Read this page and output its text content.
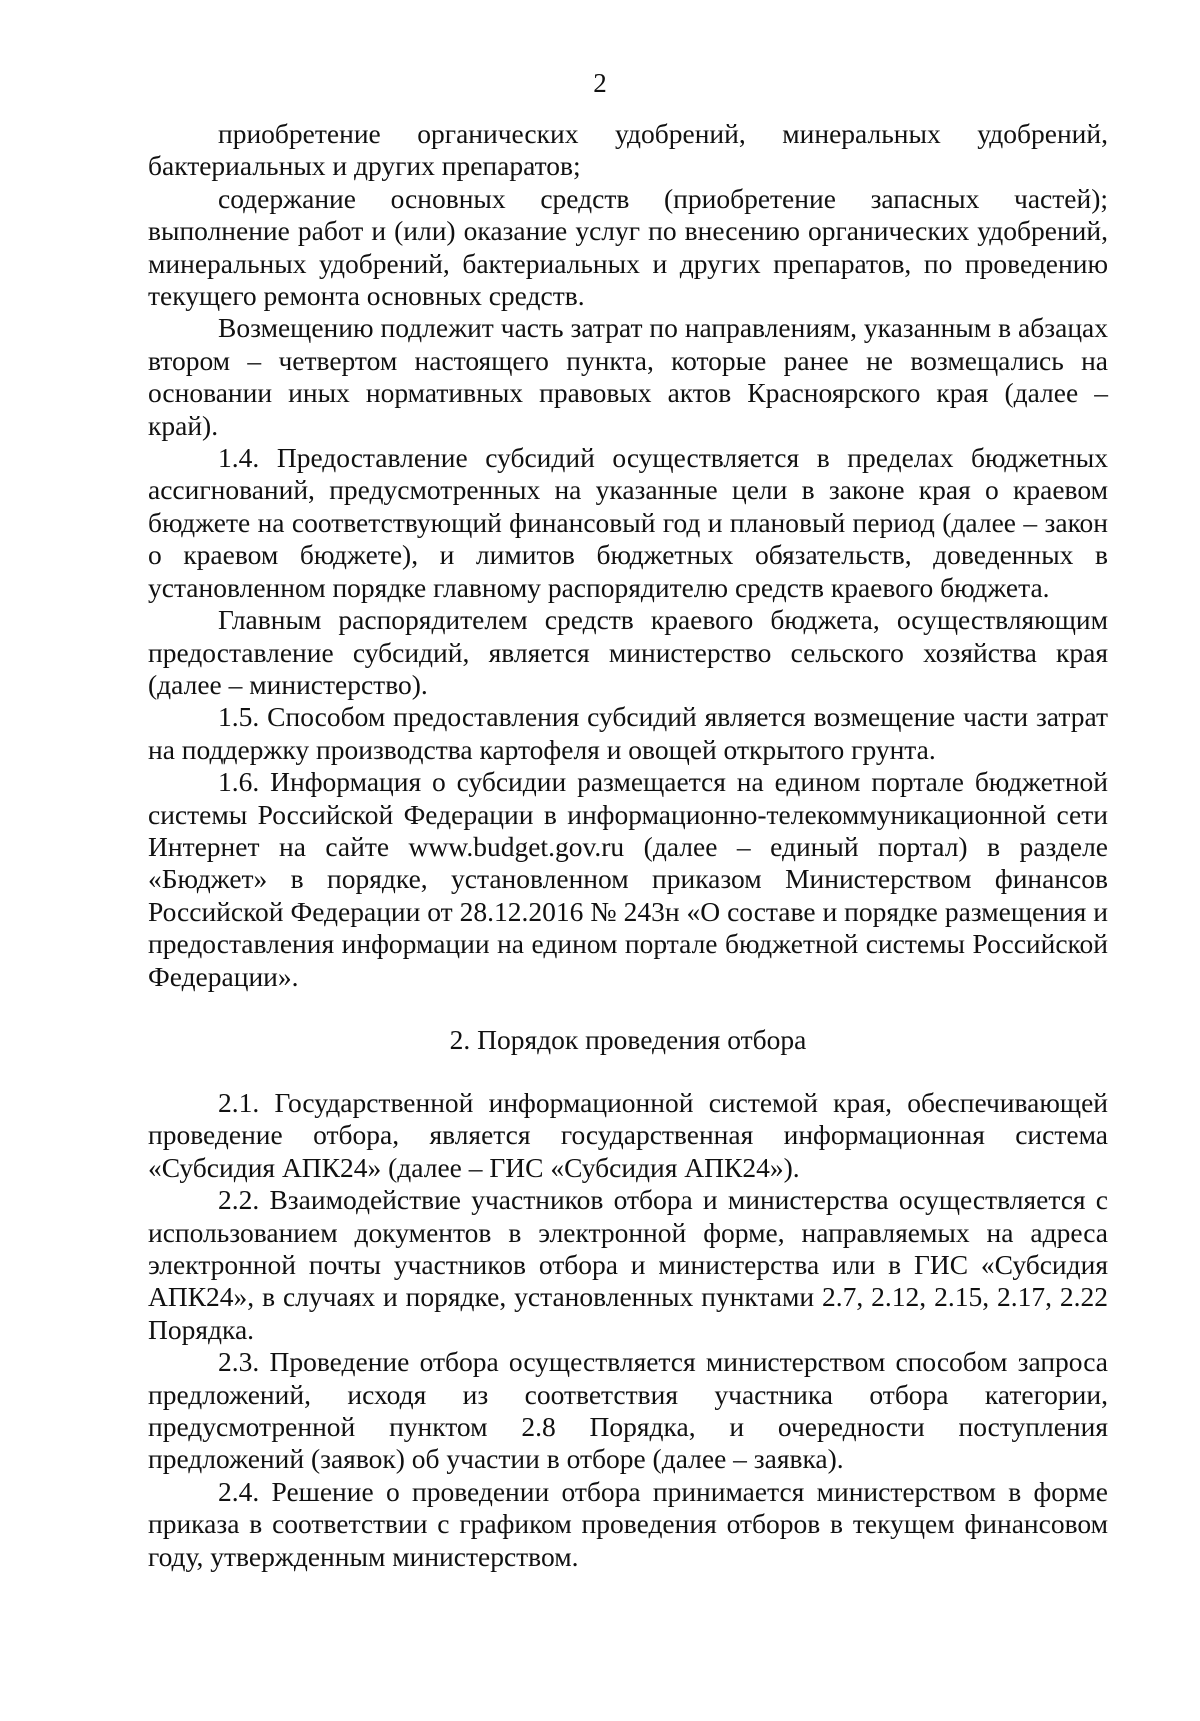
2

приобретение органических удобрений, минеральных удобрений, бактериальных и других препаратов;

содержание основных средств (приобретение запасных частей); выполнение работ и (или) оказание услуг по внесению органических удобрений, минеральных удобрений, бактериальных и других препаратов, по проведению текущего ремонта основных средств.

Возмещению подлежит часть затрат по направлениям, указанным в абзацах втором – четвертом настоящего пункта, которые ранее не возмещались на основании иных нормативных правовых актов Красноярского края (далее – край).

1.4. Предоставление субсидий осуществляется в пределах бюджетных ассигнований, предусмотренных на указанные цели в законе края о краевом бюджете на соответствующий финансовый год и плановый период (далее – закон о краевом бюджете), и лимитов бюджетных обязательств, доведенных в установленном порядке главному распорядителю средств краевого бюджета.

Главным распорядителем средств краевого бюджета, осуществляющим предоставление субсидий, является министерство сельского хозяйства края (далее – министерство).

1.5. Способом предоставления субсидий является возмещение части затрат на поддержку производства картофеля и овощей открытого грунта.

1.6. Информация о субсидии размещается на едином портале бюджетной системы Российской Федерации в информационно-телекоммуникационной сети Интернет на сайте www.budget.gov.ru (далее – единый портал) в разделе «Бюджет» в порядке, установленном приказом Министерством финансов Российской Федерации от 28.12.2016 № 243н «О составе и порядке размещения и предоставления информации на едином портале бюджетной системы Российской Федерации».

2. Порядок проведения отбора

2.1. Государственной информационной системой края, обеспечивающей проведение отбора, является государственная информационная система «Субсидия АПК24» (далее – ГИС «Субсидия АПК24»).

2.2. Взаимодействие участников отбора и министерства осуществляется с использованием документов в электронной форме, направляемых на адреса электронной почты участников отбора и министерства или в ГИС «Субсидия АПК24», в случаях и порядке, установленных пунктами 2.7, 2.12, 2.15, 2.17, 2.22 Порядка.

2.3. Проведение отбора осуществляется министерством способом запроса предложений, исходя из соответствия участника отбора категории, предусмотренной пунктом 2.8 Порядка, и очередности поступления предложений (заявок) об участии в отборе (далее – заявка).

2.4. Решение о проведении отбора принимается министерством в форме приказа в соответствии с графиком проведения отборов в текущем финансовом году, утвержденным министерством.
